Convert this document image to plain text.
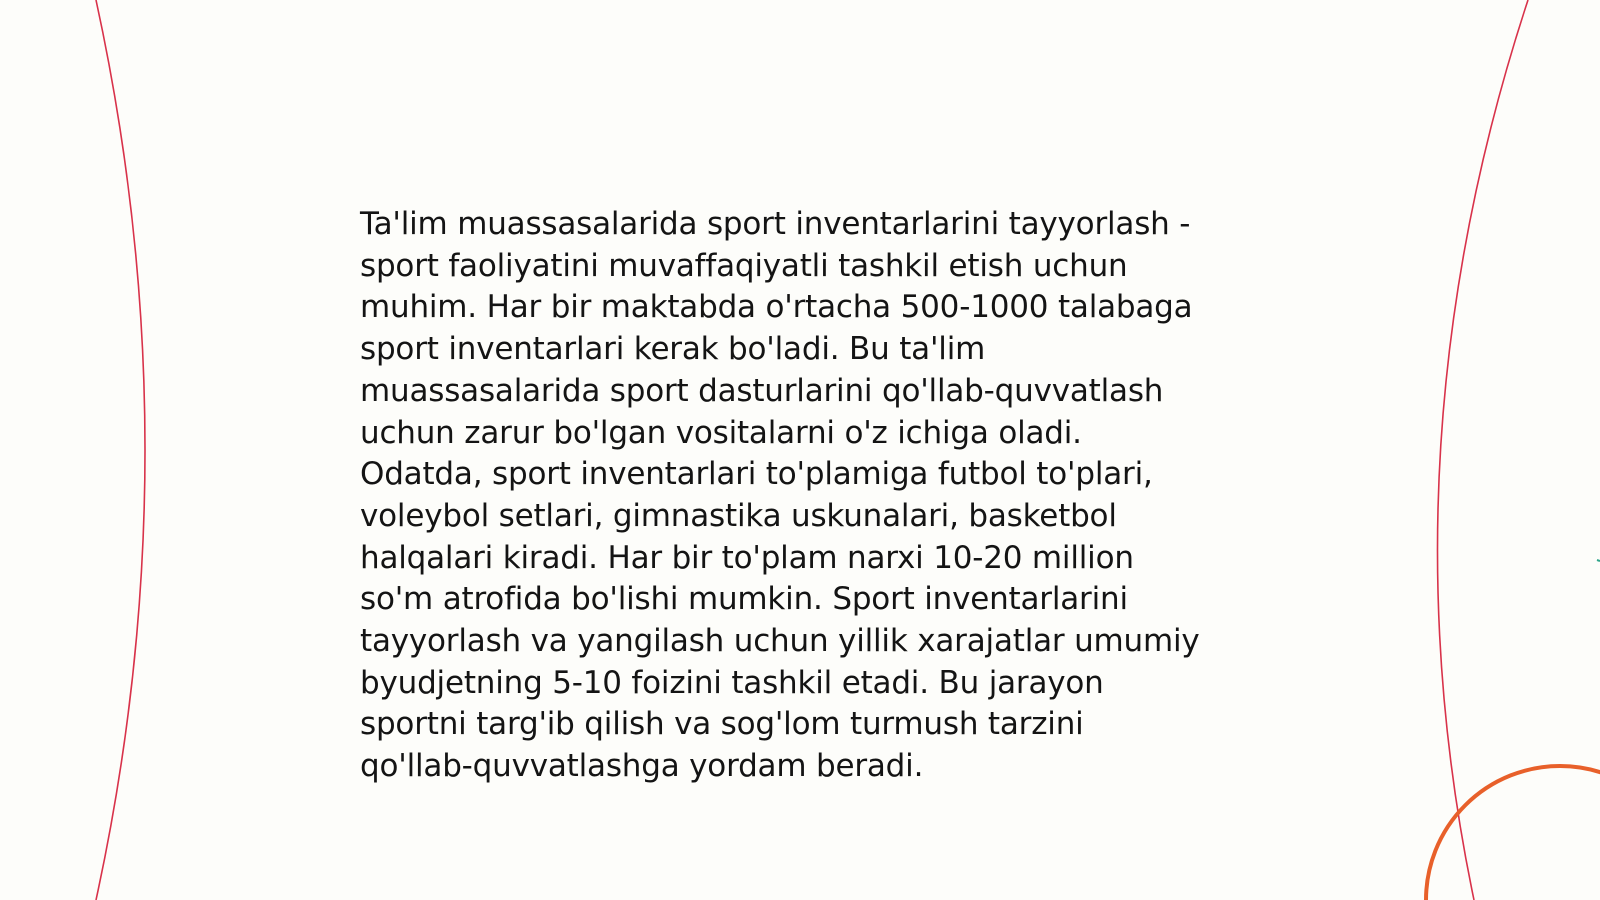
Ta'lim muassasalarida sport inventarlarini tayyorlash -
sport faoliyatini muvaffaqiyatli tashkil etish uchun
muhim. Har bir maktabda o'rtacha 500-1000 talabaga
sport inventarlari kerak bo'ladi. Bu ta'lim
muassasalarida sport dasturlarini qo'llab-quvvatlash
uchun zarur bo'lgan vositalarni o'z ichiga oladi.
Odatda, sport inventarlari to'plamiga futbol to'plari,
voleybol setlari, gimnastika uskunalari, basketbol
halqalari kiradi. Har bir to'plam narxi 10-20 million
so'm atrofida bo'lishi mumkin. Sport inventarlarini
tayyorlash va yangilash uchun yillik xarajatlar umumiy
byudjetning 5-10 foizini tashkil etadi. Bu jarayon
sportni targ'ib qilish va sog'lom turmush tarzini
qo'llab-quvvatlashga yordam beradi.
